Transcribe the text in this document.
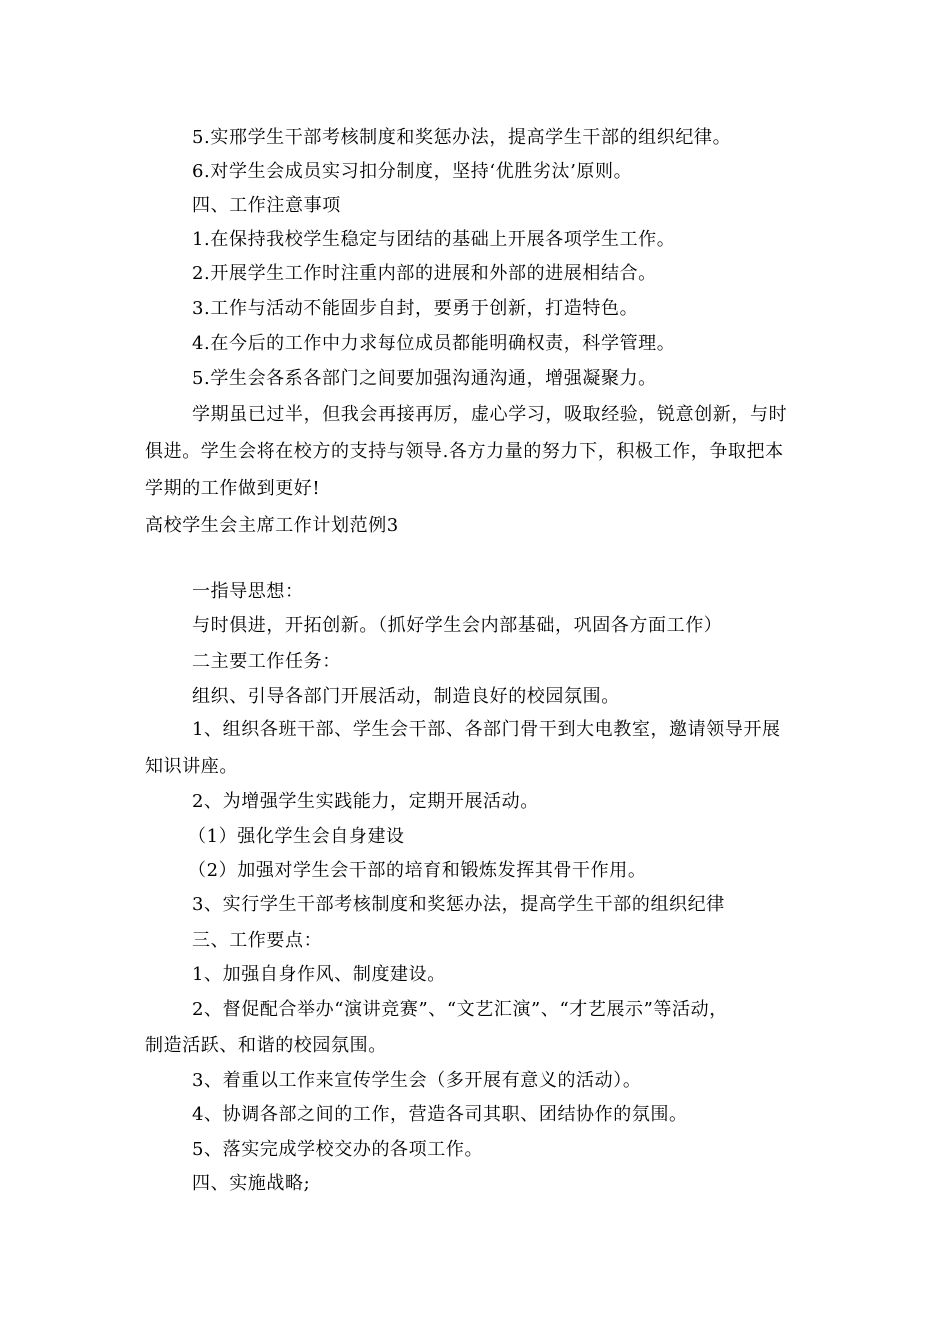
5.实邢学生干部考核制度和奖惩办法，提高学生干部的组织纪律。
6.对学生会成员实习扣分制度，坚持‘优胜劣汰’原则。
四、工作注意事项
1.在保持我校学生稳定与团结的基础上开展各项学生工作。
2.开展学生工作时注重内部的进展和外部的进展相结合。
3.工作与活动不能固步自封，要勇于创新，打造特色。
4.在今后的工作中力求每位成员都能明确权责，科学管理。
5.学生会各系各部门之间要加强沟通沟通，增强凝聚力。
学期虽已过半，但我会再接再厉，虚心学习，吸取经验，锐意创新，与时
俱进。学生会将在校方的支持与领导.各方力量的努力下，积极工作，争取把本
学期的工作做到更好!
高校学生会主席工作计划范例3
一指导思想：
与时俱进，开拓创新。（抓好学生会内部基础，巩固各方面工作）
二主要工作任务：
组织、引导各部门开展活动，制造良好的校园氛围。
1、组织各班干部、学生会干部、各部门骨干到大电教室，邀请领导开展
知识讲座。
2、为增强学生实践能力，定期开展活动。
（1）强化学生会自身建设
（2）加强对学生会干部的培育和锻炼发挥其骨干作用。
3、实行学生干部考核制度和奖惩办法，提高学生干部的组织纪律
三、工作要点：
1、加强自身作风、制度建设。
2、督促配合举办“演讲竞赛”、“文艺汇演”、“才艺展示”等活动，
制造活跃、和谐的校园氛围。
3、着重以工作来宣传学生会（多开展有意义的活动）。
4、协调各部之间的工作，营造各司其职、团结协作的氛围。
5、落实完成学校交办的各项工作。
四、实施战略;
